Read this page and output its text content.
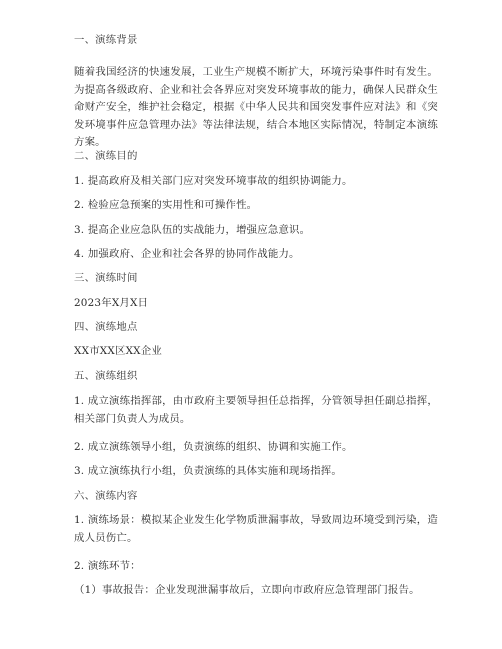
一、演练背景
随着我国经济的快速发展，工业生产规模不断扩大，环境污染事件时有发生。为提高各级政府、企业和社会各界应对突发环境事故的能力，确保人民群众生命财产安全，维护社会稳定，根据《中华人民共和国突发事件应对法》和《突发环境事件应急管理办法》等法律法规，结合本地区实际情况，特制定本演练方案。
二、演练目的
1. 提高政府及相关部门应对突发环境事故的组织协调能力。
2. 检验应急预案的实用性和可操作性。
3. 提高企业应急队伍的实战能力，增强应急意识。
4. 加强政府、企业和社会各界的协同作战能力。
三、演练时间
2023年X月X日
四、演练地点
XX市XX区XX企业
五、演练组织
1. 成立演练指挥部，由市政府主要领导担任总指挥，分管领导担任副总指挥，相关部门负责人为成员。
2. 成立演练领导小组，负责演练的组织、协调和实施工作。
3. 成立演练执行小组，负责演练的具体实施和现场指挥。
六、演练内容
1. 演练场景：模拟某企业发生化学物质泄漏事故，导致周边环境受到污染，造成人员伤亡。
2. 演练环节：
（1）事故报告：企业发现泄漏事故后，立即向市政府应急管理部门报告。
